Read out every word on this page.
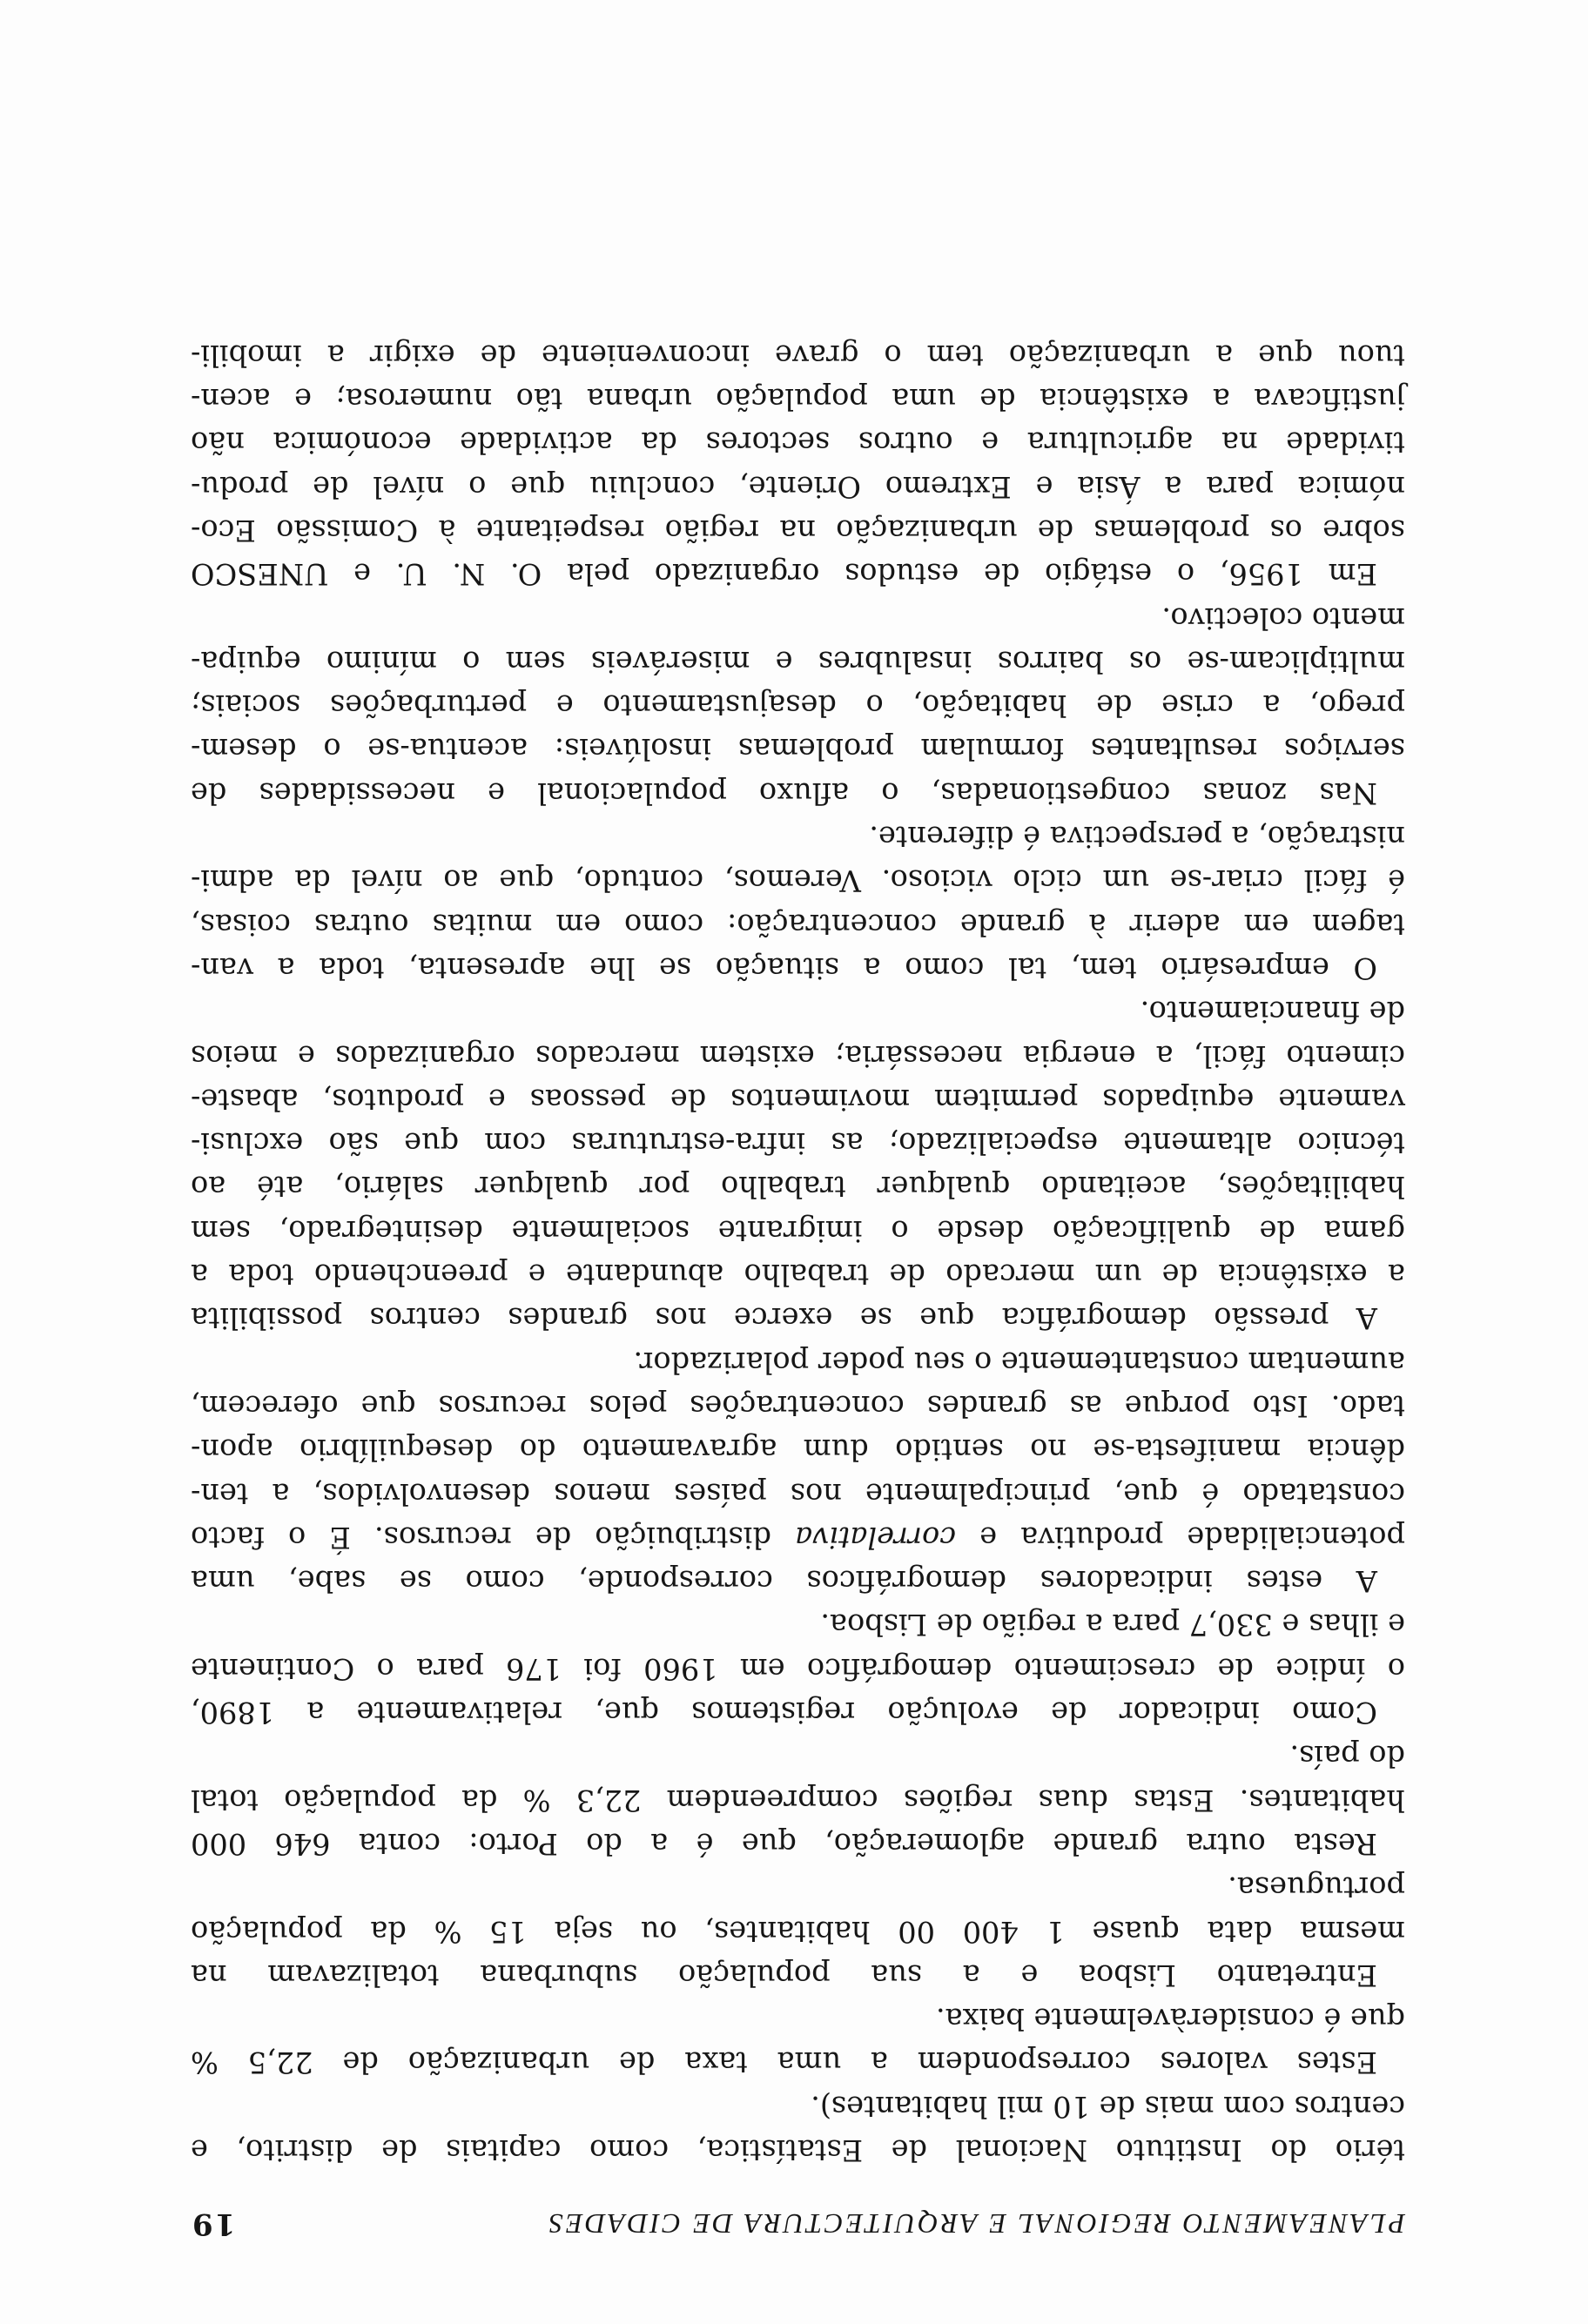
PLANEAMENTO REGIONAL E ARQUITECTURA DE CIDADES
19
tério do Instituto Nacional de Estatística, como capitais de distrito, e
centros com mais de 10 mil habitantes).
Estes valores correspondem a uma taxa de urbanização de 22,5 %
que é consideràvelmente baixa.
Entretanto Lisboa e a sua população suburbana totalizavam na
mesma data quase 1 400 00 habitantes, ou seja 15 % da população
portuguesa.
Resta outra grande aglomeração, que é a do Porto: conta 646 000
habitantes. Estas duas regiões compreendem 22,3 % da população total
do país.
Como indicador de evolução registemos que, relativamente a 1890,
o índice de crescimento demográfico em 1960 foi 176 para o Continente
e ilhas e 330,7 para a região de Lisboa.
A estes indicadores demográficos corresponde, como se sabe, uma
potencialidade produtiva e correlativa distribuição de recursos. É o facto
constatado é que, principalmente nos países menos desenvolvidos, a ten-
dência manifesta-se no sentido dum agravamento do desequilíbrio apon-
tado. Isto porque as grandes concentrações pelos recursos que oferecem,
aumentam constantemente o seu poder polarizador.
A pressão demográfica que se exerce nos grandes centros possibilita
a existência de um mercado de trabalho abundante e preenchendo toda a
gama de qualificação desde o imigrante socialmente desintegrado, sem
habilitações, aceitando qualquer trabalho por qualquer salário, até ao
técnico altamente especializado; as infra-estruturas com que são exclusi-
vamente equipados permitem movimentos de pessoas e produtos, abaste-
cimento fácil, a energia necessária; existem mercados organizados e meios
de financiamento.
O empresário tem, tal como a situação se lhe apresenta, toda a van-
tagem em aderir à grande concentração: como em muitas outras coisas,
é fácil criar-se um ciclo vicioso. Veremos, contudo, que ao nível da admi-
nistração, a perspectiva é diferente.
Nas zonas congestionadas, o afluxo populacional e necessidades de
serviços resultantes formulam problemas insolúveis: acentua-se o desem-
prego, a crise de habitação, o desajustamento e perturbações sociais;
multiplicam-se os bairros insalubres e miseráveis sem o mínimo equipa-
mento colectivo.
Em 1956, o estágio de estudos organizado pela O. N. U. e UNESCO
sobre os problemas de urbanização na região respeitante à Comissão Eco-
nómica para a Ásia e Extremo Oriente, concluiu que o nível de produ-
tividade na agricultura e outros sectores da actividade económica não
justificava a existência de uma população urbana tão numerosa; e acen-
tuou que a urbanização tem o grave inconveniente de exigir a imobili-
